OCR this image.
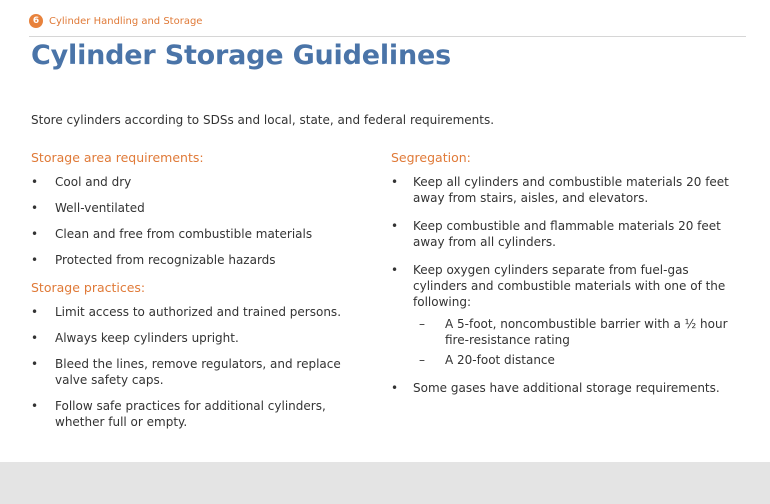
6 Cylinder Handling and Storage
Cylinder Storage Guidelines
Store cylinders according to SDSs and local, state, and federal requirements.
Storage area requirements:
• Cool and dry
• Well-ventilated
• Clean and free from combustible materials
• Protected from recognizable hazards
Storage practices:
• Limit access to authorized and trained persons.
• Always keep cylinders upright.
• Bleed the lines, remove regulators, and replace valve safety caps.
• Follow safe practices for additional cylinders, whether full or empty.
Segregation:
• Keep all cylinders and combustible materials 20 feet away from stairs, aisles, and elevators.
• Keep combustible and flammable materials 20 feet away from all cylinders.
• Keep oxygen cylinders separate from fuel-gas cylinders and combustible materials with one of the following:
– A 5-foot, noncombustible barrier with a ½ hour fire-resistance rating
– A 20-foot distance
• Some gases have additional storage requirements.
